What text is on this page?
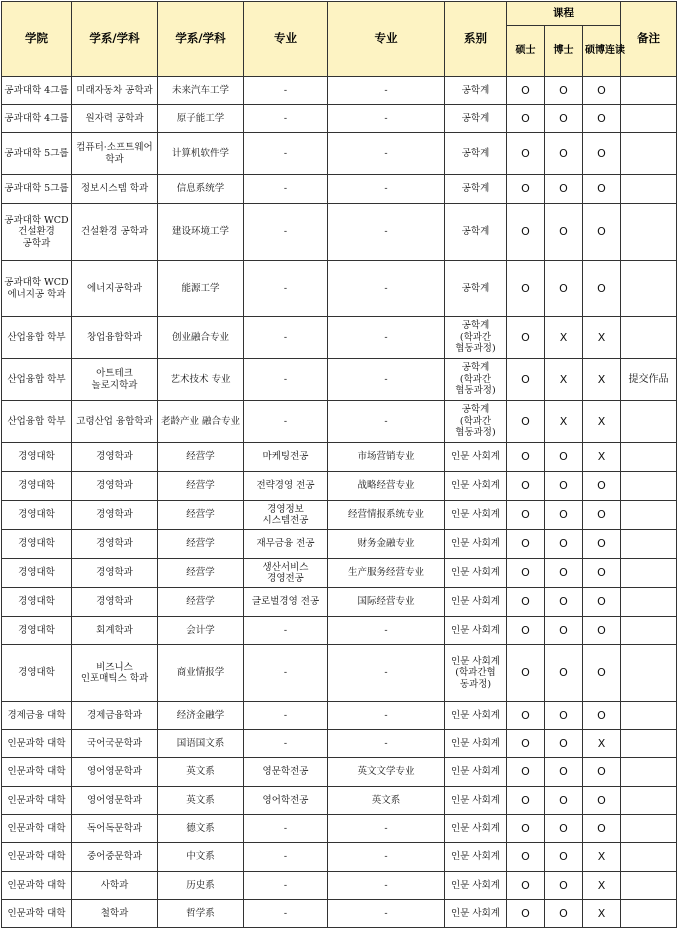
学院	学系/学科	学系/学科	专业	专业	系别	课程			备注
						硕士	博士	硕博连读	
공과대학 4그룹	미래자동차 공학과	未来汽车工学	-	-	공학계	O	O	O	
공과대학 4그룹	원자력 공학과	原子能工学	-	-	공학계	O	O	O	
공과대학 5그룹	컴퓨터·소프트웨어 학과	计算机软件学	-	-	공학계	O	O	O	
공과대학 5그룹	정보시스템 학과	信息系统学	-	-	공학계	O	O	O	
공과대학 WCD 건설환경 공학과	건설환경 공학과	建设环境工学	-	-	공학계	O	O	O	
공과대학 WCD 에너지공 학과	에너지공학과	能源工学	-	-	공학계	O	O	O	
산업융합 학부	창업융합학과	创业融合专业	-	-	공학계 (학과간 협동과정)	O	X	X	
산업융합 학부	아트테크 놀로지학과	艺术技术 专业	-	-	공학계 (학과간 협동과정)	O	X	X	提交作品
산업융합 학부	고령산업 융합학과	老龄产业 融合专业	-	-	공학계 (학과간 협동과정)	O	X	X	
경영대학	경영학과	经营学	마케팅전공	市场营销专业	인문 사회계	O	O	X	
경영대학	경영학과	经营学	전략경영 전공	战略经营专业	인문 사회계	O	O	O	
경영대학	경영학과	经营学	경영정보 시스템전공	经营情报系统专业	인문 사회계	O	O	O	
경영대학	경영학과	经营学	재무금융 전공	财务金融专业	인문 사회계	O	O	O	
경영대학	경영학과	经营学	생산서비스 경영전공	生产服务经营专业	인문 사회계	O	O	O	
경영대학	경영학과	经营学	글로벌경영 전공	国际经营专业	인문 사회계	O	O	O	
경영대학	회계학과	会计学	-	-	인문 사회계	O	O	O	
경영대학	비즈니스 인포매틱스 학과	商业情报学	-	-	인문 사회계 (학과간협 동과정)	O	O	O	
경제금융 대학	경제금융학과	经济金融学	-	-	인문 사회계	O	O	O	
인문과학 대학	국어국문학과	国语国文系	-	-	인문 사회계	O	O	X	
인문과학 대학	영어영문학과	英文系	영문학전공	英文文学专业	인문 사회계	O	O	O	
인문과학 대학	영어영문학과	英文系	영어학전공	英文系	인문 사회계	O	O	O	
인문과학 대학	독어독문학과	德文系	-	-	인문 사회계	O	O	O	
인문과학 대학	중어중문학과	中文系	-	-	인문 사회계	O	O	X	
인문과학 대학	사학과	历史系	-	-	인문 사회계	O	O	X	
인문과학 대학	철학과	哲学系	-	-	인문 사회계	O	O	X	
